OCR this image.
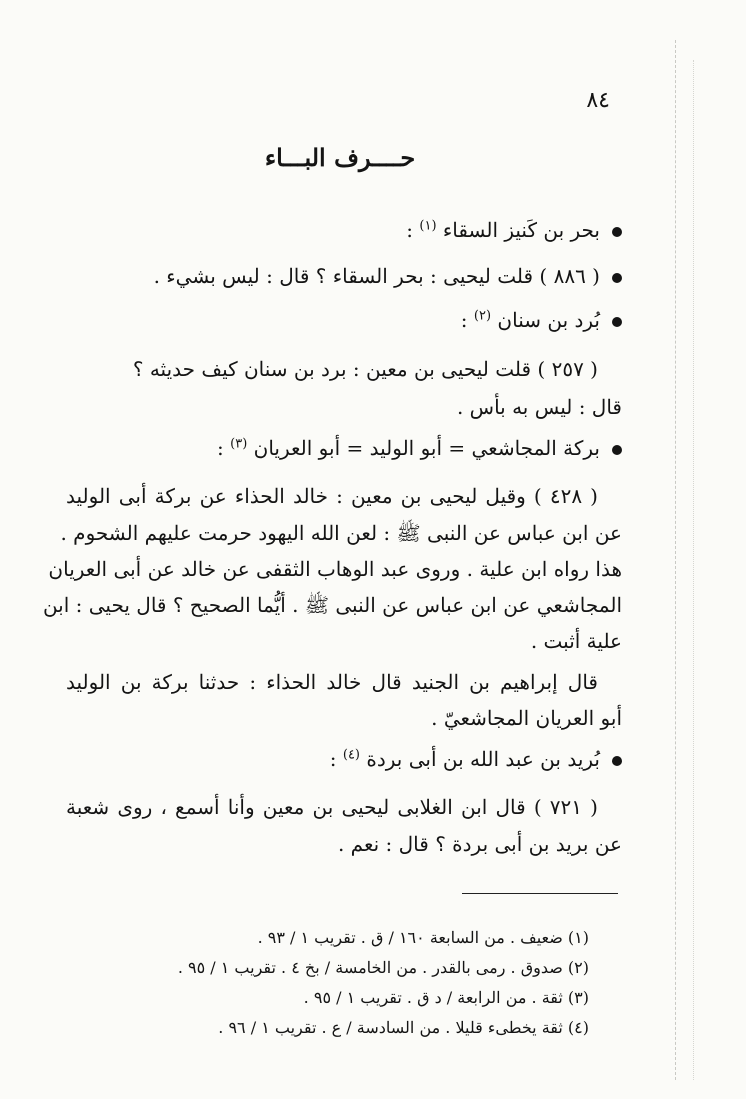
٨٤
حــــرف البـــاء
بحر بن كَنيز السقاء $^{(١)}$ :
( ٨٨٦ ) قلت ليحيى : بحر السقاء ؟ قال : ليس بشيء .
بُرد بن سنان $^{(٢)}$ :
( ٢٥٧ ) قلت ليحيى بن معين : برد بن سنان كيف حديثه ؟
قال : ليس به بأس .
بركة المجاشعي = أبو الوليد = أبو العريان $^{(٣)}$ :
( ٤٢٨ ) وقيل ليحيى بن معين : خالد الحذاء عن بركة أبى الوليد
عن ابن عباس عن النبى ﷺ : لعن الله اليهود حرمت عليهم الشحوم .
هذا رواه ابن علية . وروى عبد الوهاب الثقفى عن خالد عن أبى العريان
المجاشعي عن ابن عباس عن النبى ﷺ . أيُّما الصحيح ؟ قال يحيى : ابن
علية أثبت .
قال إبراهيم بن الجنيد قال خالد الحذاء : حدثنا بركة بن الوليد
أبو العريان المجاشعيّ .
بُريد بن عبد الله بن أبى بردة $^{(٤)}$ :
( ٧٢١ ) قال ابن الغلابى ليحيى بن معين وأنا أسمع ، روى شعبة
عن بريد بن أبى بردة ؟ قال : نعم .
(١) ضعيف . من السابعة ١٦٠ / ق . تقريب ١ / ٩٣ .
(٢) صدوق . رمى بالقدر . من الخامسة / بخ ٤ . تقريب ١ / ٩٥ .
(٣) ثقة . من الرابعة / د ق . تقريب ١ / ٩٥ .
(٤) ثقة يخطىء قليلا . من السادسة / ع . تقريب ١ / ٩٦ .
